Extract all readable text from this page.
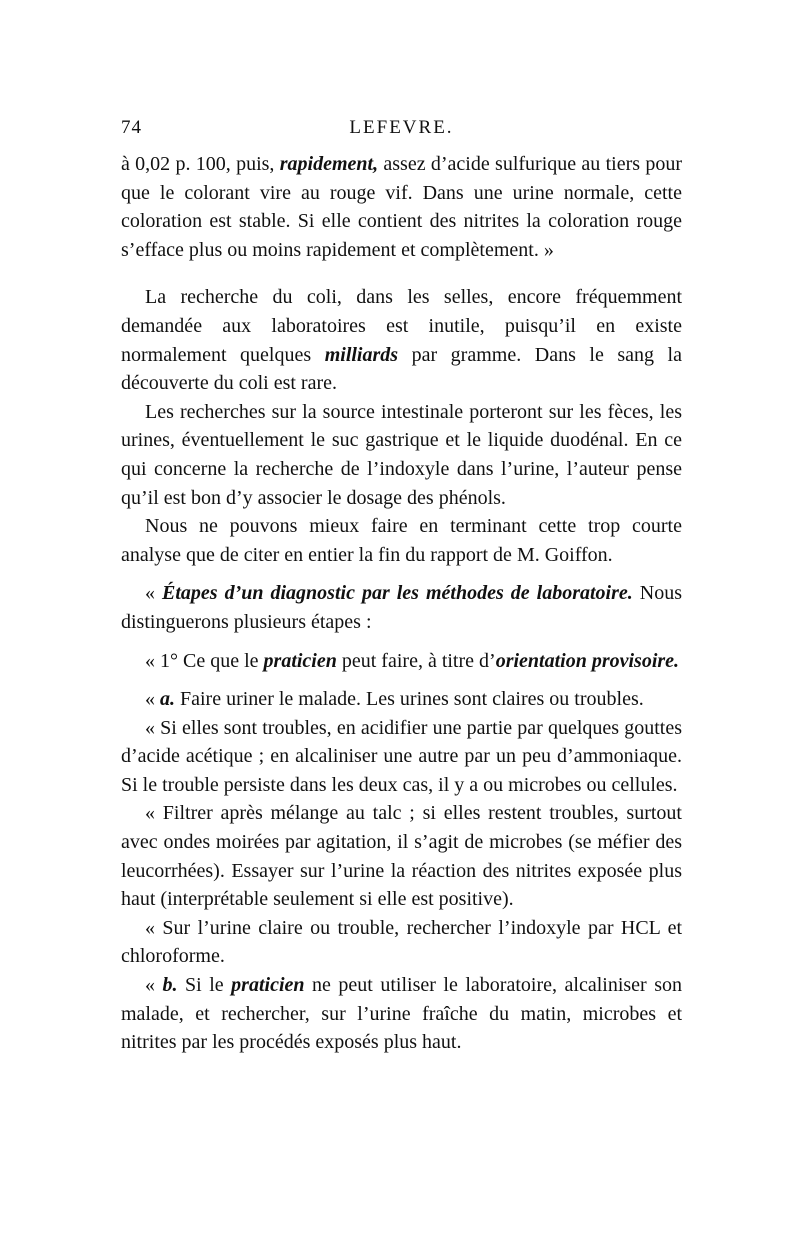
74	LEFEVRE.

à 0,02 p. 100, puis, rapidement, assez d’acide sulfurique au tiers pour que le colorant vire au rouge vif. Dans une urine normale, cette coloration est stable. Si elle contient des nitrites la coloration rouge s’efface plus ou moins rapidement et complètement. »

La recherche du coli, dans les selles, encore fréquemment demandée aux laboratoires est inutile, puisqu’il en existe normalement quelques milliards par gramme. Dans le sang la découverte du coli est rare.

Les recherches sur la source intestinale porteront sur les fèces, les urines, éventuellement le suc gastrique et le liquide duodénal. En ce qui concerne la recherche de l’indoxyle dans l’urine, l’auteur pense qu’il est bon d’y associer le dosage des phénols.

Nous ne pouvons mieux faire en terminant cette trop courte analyse que de citer en entier la fin du rapport de M. Goiffon.

« Étapes d’un diagnostic par les méthodes de laboratoire. Nous distinguerons plusieurs étapes :

« 1° Ce que le praticien peut faire, à titre d’orientation provisoire.

« a. Faire uriner le malade. Les urines sont claires ou troubles.

« Si elles sont troubles, en acidifier une partie par quelques gouttes d’acide acétique ; en alcaliniser une autre par un peu d’ammoniaque. Si le trouble persiste dans les deux cas, il y a ou microbes ou cellules.

« Filtrer après mélange au talc ; si elles restent troubles, surtout avec ondes moirées par agitation, il s’agit de microbes (se méfier des leucorrhées). Essayer sur l’urine la réaction des nitrites exposée plus haut (interprétable seulement si elle est positive).

« Sur l’urine claire ou trouble, rechercher l’indoxyle par HCL et chloroforme.

« b. Si le praticien ne peut utiliser le laboratoire, alcaliniser son malade, et rechercher, sur l’urine fraîche du matin, microbes et nitrites par les procédés exposés plus haut.
